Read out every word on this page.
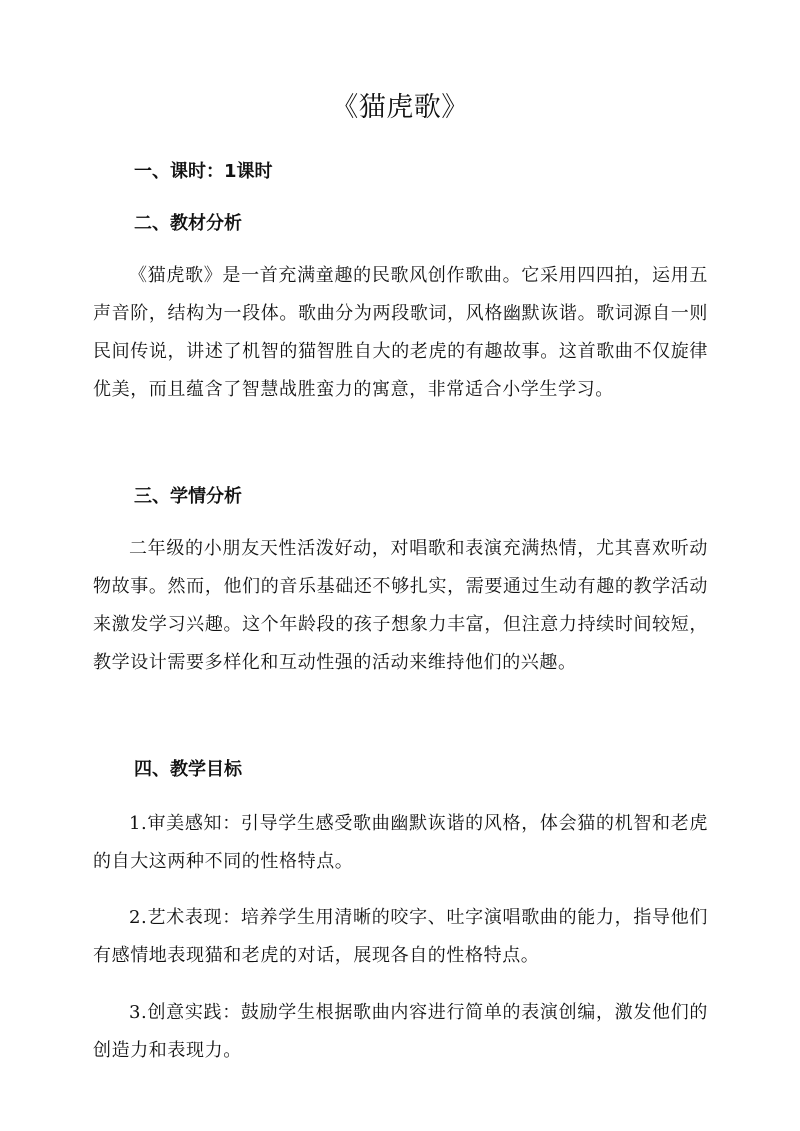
《猫虎歌》
一、课时：1课时
二、教材分析
《猫虎歌》是一首充满童趣的民歌风创作歌曲。它采用四四拍，运用五声音阶，结构为一段体。歌曲分为两段歌词，风格幽默诙谐。歌词源自一则民间传说，讲述了机智的猫智胜自大的老虎的有趣故事。这首歌曲不仅旋律优美，而且蕴含了智慧战胜蛮力的寓意，非常适合小学生学习。
三、学情分析
二年级的小朋友天性活泼好动，对唱歌和表演充满热情，尤其喜欢听动物故事。然而，他们的音乐基础还不够扎实，需要通过生动有趣的教学活动来激发学习兴趣。这个年龄段的孩子想象力丰富，但注意力持续时间较短，教学设计需要多样化和互动性强的活动来维持他们的兴趣。
四、教学目标
1.审美感知：引导学生感受歌曲幽默诙谐的风格，体会猫的机智和老虎的自大这两种不同的性格特点。
2.艺术表现：培养学生用清晰的咬字、吐字演唱歌曲的能力，指导他们有感情地表现猫和老虎的对话，展现各自的性格特点。
3.创意实践：鼓励学生根据歌曲内容进行简单的表演创编，激发他们的创造力和表现力。
